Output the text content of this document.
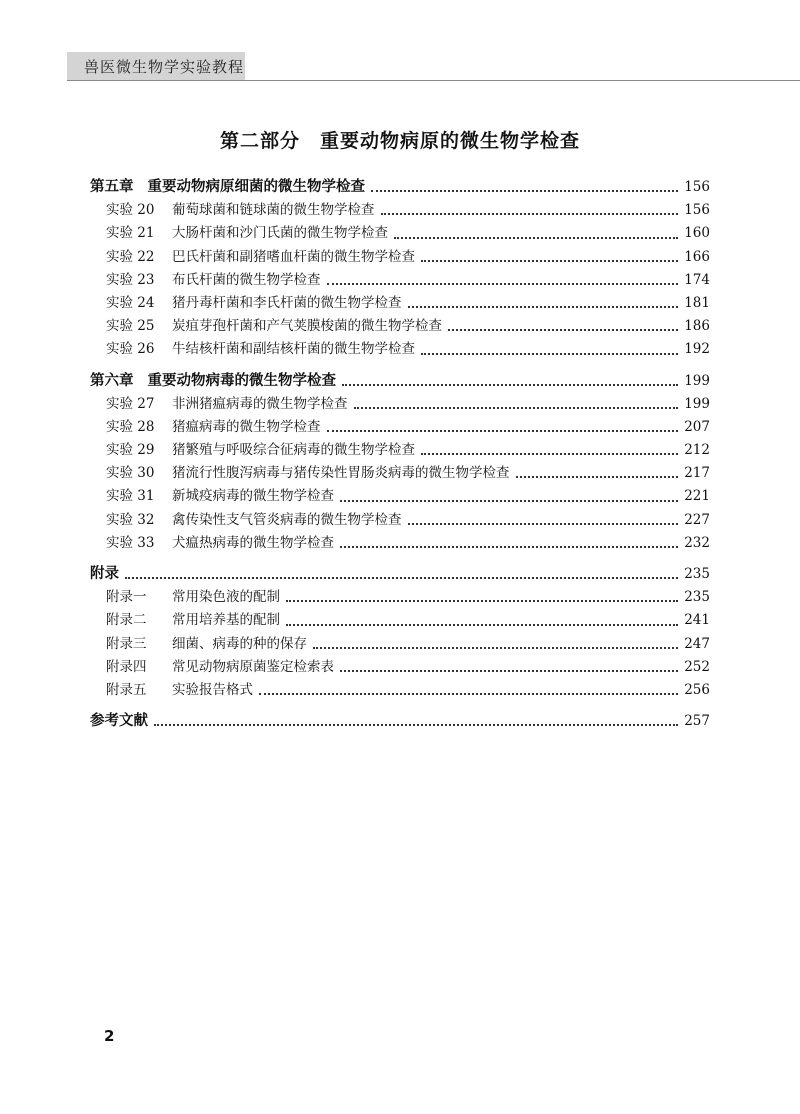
兽医微生物学实验教程
第二部分　重要动物病原的微生物学检查
第五章 重要动物病原细菌的微生物学检查	156
实验 20	葡萄球菌和链球菌的微生物学检查	156
实验 21	大肠杆菌和沙门氏菌的微生物学检查	160
实验 22	巴氏杆菌和副猪嗜血杆菌的微生物学检查	166
实验 23	布氏杆菌的微生物学检查	174
实验 24	猪丹毒杆菌和李氏杆菌的微生物学检查	181
实验 25	炭疽芽孢杆菌和产气荚膜梭菌的微生物学检查	186
实验 26	牛结核杆菌和副结核杆菌的微生物学检查	192
第六章 重要动物病毒的微生物学检查	199
实验 27	非洲猪瘟病毒的微生物学检查	199
实验 28	猪瘟病毒的微生物学检查	207
实验 29	猪繁殖与呼吸综合征病毒的微生物学检查	212
实验 30	猪流行性腹泻病毒与猪传染性胃肠炎病毒的微生物学检查	217
实验 31	新城疫病毒的微生物学检查	221
实验 32	禽传染性支气管炎病毒的微生物学检查	227
实验 33	犬瘟热病毒的微生物学检查	232
附录	235
附录一	常用染色液的配制	235
附录二	常用培养基的配制	241
附录三	细菌、病毒的种的保存	247
附录四	常见动物病原菌鉴定检索表	252
附录五	实验报告格式	256
参考文献	257
2
